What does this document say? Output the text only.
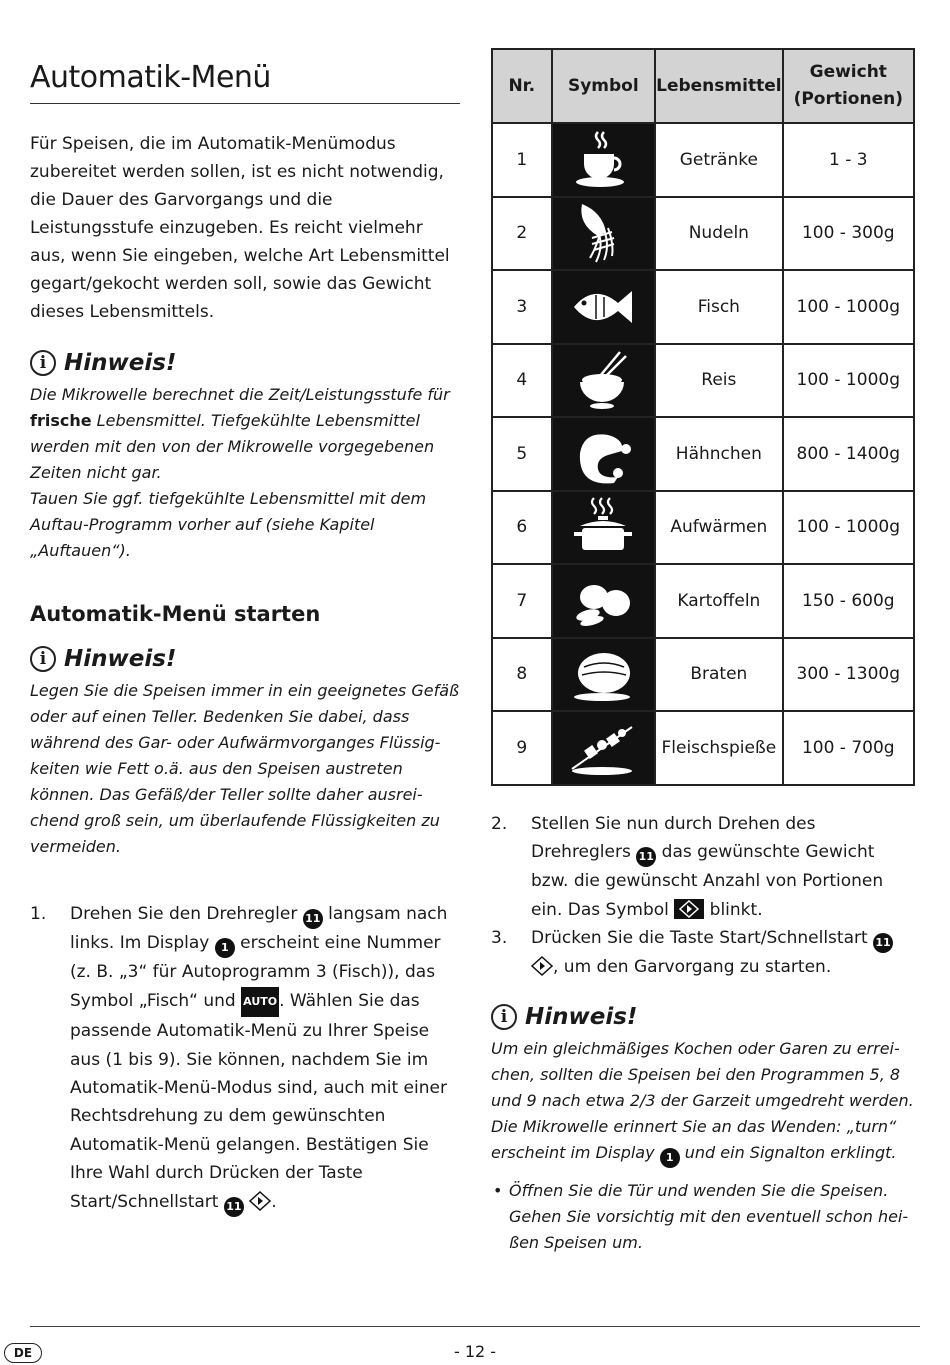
Automatik-Menü

Für Speisen, die im Automatik-Menümodus zubereitet werden sollen, ist es nicht notwendig, die Dauer des Garvorgangs und die Leistungsstufe einzugeben. Es reicht vielmehr aus, wenn Sie eingeben, welche Art Lebensmittel gegart/gekocht werden soll, sowie das Gewicht dieses Lebensmittels.

i Hinweis!

Die Mikrowelle berechnet die Zeit/Leistungsstufe für frische Lebensmittel. Tiefgekühlte Lebensmittel werden mit den von der Mikrowelle vorgegebenen Zeiten nicht gar.
Tauen Sie ggf. tiefgekühlte Lebensmittel mit dem Auftau-Programm vorher auf (siehe Kapitel „Auftauen“).

Automatik-Menü starten
i Hinweis!

Legen Sie die Speisen immer in ein geeignetes Gefäß oder auf einen Teller. Bedenken Sie dabei, dass während des Gar- oder Aufwärmvorganges Flüssigkeiten wie Fett o.ä. aus den Speisen austreten können. Das Gefäß/der Teller sollte daher ausreichend groß sein, um überlaufende Flüssigkeiten zu vermeiden.

1.	Drehen Sie den Drehregler 11 langsam nach links. Im Display 1 erscheint eine Nummer (z. B. „3“ für Autoprogramm 3 (Fisch)), das Symbol „Fisch“ und AUTO . Wählen Sie das passende Automatik-Menü zu Ihrer Speise aus (1 bis 9). Sie können, nachdem Sie im Automatik-Menü-Modus sind, auch mit einer Rechtsdrehung zu dem gewünschten Automatik-Menü gelangen. Bestätigen Sie Ihre Wahl durch Drücken der Taste Start/Schnellstart 11 .
Nr.	Symbol	Lebensmittel	Gewicht (Portionen)
1		Getränke	1 - 3
2		Nudeln	100 - 300g
3		Fisch	100 - 1000g
4		Reis	100 - 1000g
5		Hähnchen	800 - 1400g
6		Aufwärmen	100 - 1000g
7		Kartoffeln	150 - 600g
8		Braten	300 - 1300g
9		Fleischspieße	100 - 700g
2.	Stellen Sie nun durch Drehen des Drehreglers 11 das gewünschte Gewicht bzw. die gewünscht Anzahl von Portionen ein. Das Symbol  blinkt.
3.	Drücken Sie die Taste Start/Schnellstart 11 , um den Garvorgang zu starten.
i Hinweis!

Um ein gleichmäßiges Kochen oder Garen zu erreichen, sollten die Speisen bei den Programmen 5, 8 und 9 nach etwa 2/3 der Garzeit umgedreht werden. Die Mikrowelle erinnert Sie an das Wenden: „turn“ erscheint im Display 1 und ein Signalton erklingt.

• Öffnen Sie die Tür und wenden Sie die Speisen. Gehen Sie vorsichtig mit den eventuell schon heißen Speisen um.

DE	- 12 -
